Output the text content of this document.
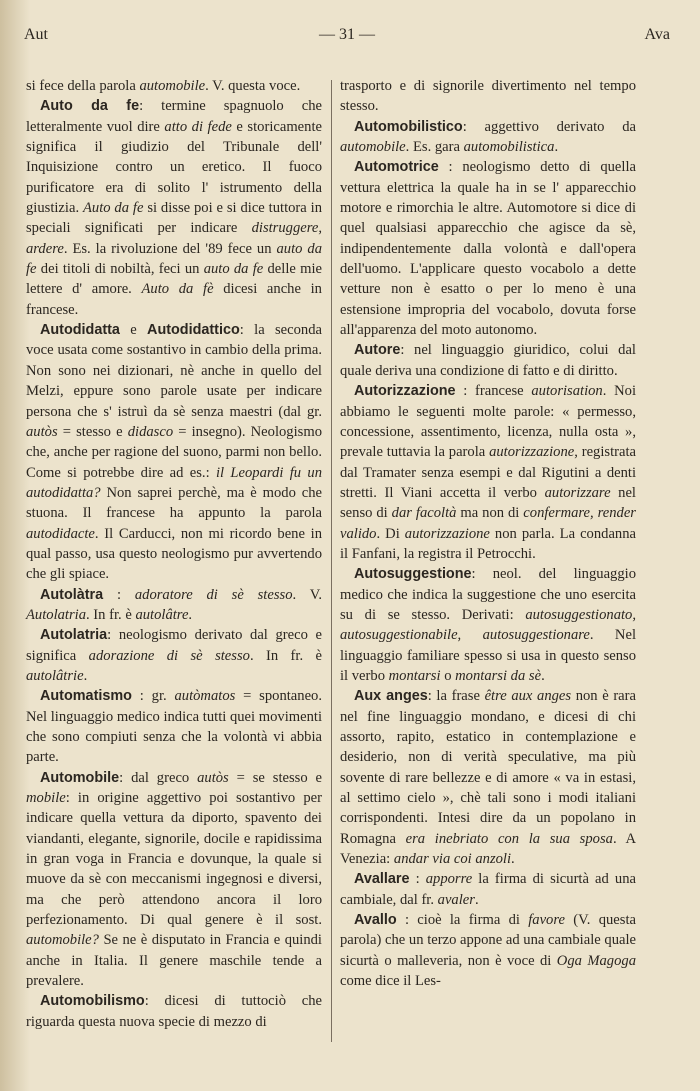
Aut	— 31 —	Ava

si fece della parola automobile. V. questa voce.

Auto da fe: termine spagnuolo che letteralmente vuol dire atto di fede e storicamente significa il giudizio del Tribunale dell' Inquisizione contro un eretico. Il fuoco purificatore era di solito l' istrumento della giustizia. Auto da fe si disse poi e si dice tuttora in speciali significati per indicare distruggere, ardere. Es. la rivoluzione del '89 fece un auto da fe dei titoli di nobiltà, feci un auto da fe delle mie lettere d' amore. Auto da fè dicesi anche in francese.

Autodidatta e Autodidattico: la seconda voce usata come sostantivo in cambio della prima. Non sono nei dizionari, nè anche in quello del Melzi, eppure sono parole usate per indicare persona che s' istruì da sè senza maestri (dal gr. autòs = stesso e didasco = insegno). Neologismo che, anche per ragione del suono, parmi non bello. Come si potrebbe dire ad es.: il Leopardi fu un autodidatta? Non saprei perchè, ma è modo che stuona. Il francese ha appunto la parola autodidacte. Il Carducci, non mi ricordo bene in qual passo, usa questo neologismo pur avvertendo che gli spiace.

Autolàtra : adoratore di sè stesso. V. Autolatria. In fr. è autolâtre.

Autolatria: neologismo derivato dal greco e significa adorazione di sè stesso. In fr. è autolâtrie.

Automatismo : gr. autòmatos = spontaneo. Nel linguaggio medico indica tutti quei movimenti che sono compiuti senza che la volontà vi abbia parte.

Automobile: dal greco autòs = se stesso e mobile: in origine aggettivo poi sostantivo per indicare quella vettura da diporto, spavento dei viandanti, elegante, signorile, docile e rapidissima in gran voga in Francia e dovunque, la quale si muove da sè con meccanismi ingegnosi e diversi, ma che però attendono ancora il loro perfezionamento. Di qual genere è il sost. automobile? Se ne è disputato in Francia e quindi anche in Italia. Il genere maschile tende a prevalere.

Automobilismo: dicesi di tuttociò che riguarda questa nuova specie di mezzo di

trasporto e di signorile divertimento nel tempo stesso.

Automobilistico: aggettivo derivato da automobile. Es. gara automobilistica.

Automotrice : neologismo detto di quella vettura elettrica la quale ha in se l' apparecchio motore e rimorchia le altre. Automotore si dice di quel qualsiasi apparecchio che agisce da sè, indipendentemente dalla volontà e dall'opera dell'uomo. L'applicare questo vocabolo a dette vetture non è esatto o per lo meno è una estensione impropria del vocabolo, dovuta forse all'apparenza del moto autonomo.

Autore: nel linguaggio giuridico, colui dal quale deriva una condizione di fatto e di diritto.

Autorizzazione : francese autorisation. Noi abbiamo le seguenti molte parole: « permesso, concessione, assentimento, licenza, nulla osta », prevale tuttavia la parola autorizzazione, registrata dal Tramater senza esempi e dal Rigutini a denti stretti. Il Viani accetta il verbo autorizzare nel senso di dar facoltà ma non di confermare, render valido. Di autorizzazione non parla. La condanna il Fanfani, la registra il Petrocchi.

Autosuggestione: neol. del linguaggio medico che indica la suggestione che uno esercita su di se stesso. Derivati: autosuggestionato, autosuggestionabile, autosuggestionare. Nel linguaggio familiare spesso si usa in questo senso il verbo montarsi o montarsi da sè.

Aux anges: la frase être aux anges non è rara nel fine linguaggio mondano, e dicesi di chi assorto, rapito, estatico in contemplazione e desiderio, non di verità speculative, ma più sovente di rare bellezze e di amore « va in estasi, al settimo cielo », chè tali sono i modi italiani corrispondenti. Intesi dire da un popolano in Romagna era inebriato con la sua sposa. A Venezia: andar via coi anzoli.

Avallare : apporre la firma di sicurtà ad una cambiale, dal fr. avaler.

Avallo : cioè la firma di favore (V. questa parola) che un terzo appone ad una cambiale quale sicurtà o malleveria, non è voce di Oga Magoga come dice il Les-
